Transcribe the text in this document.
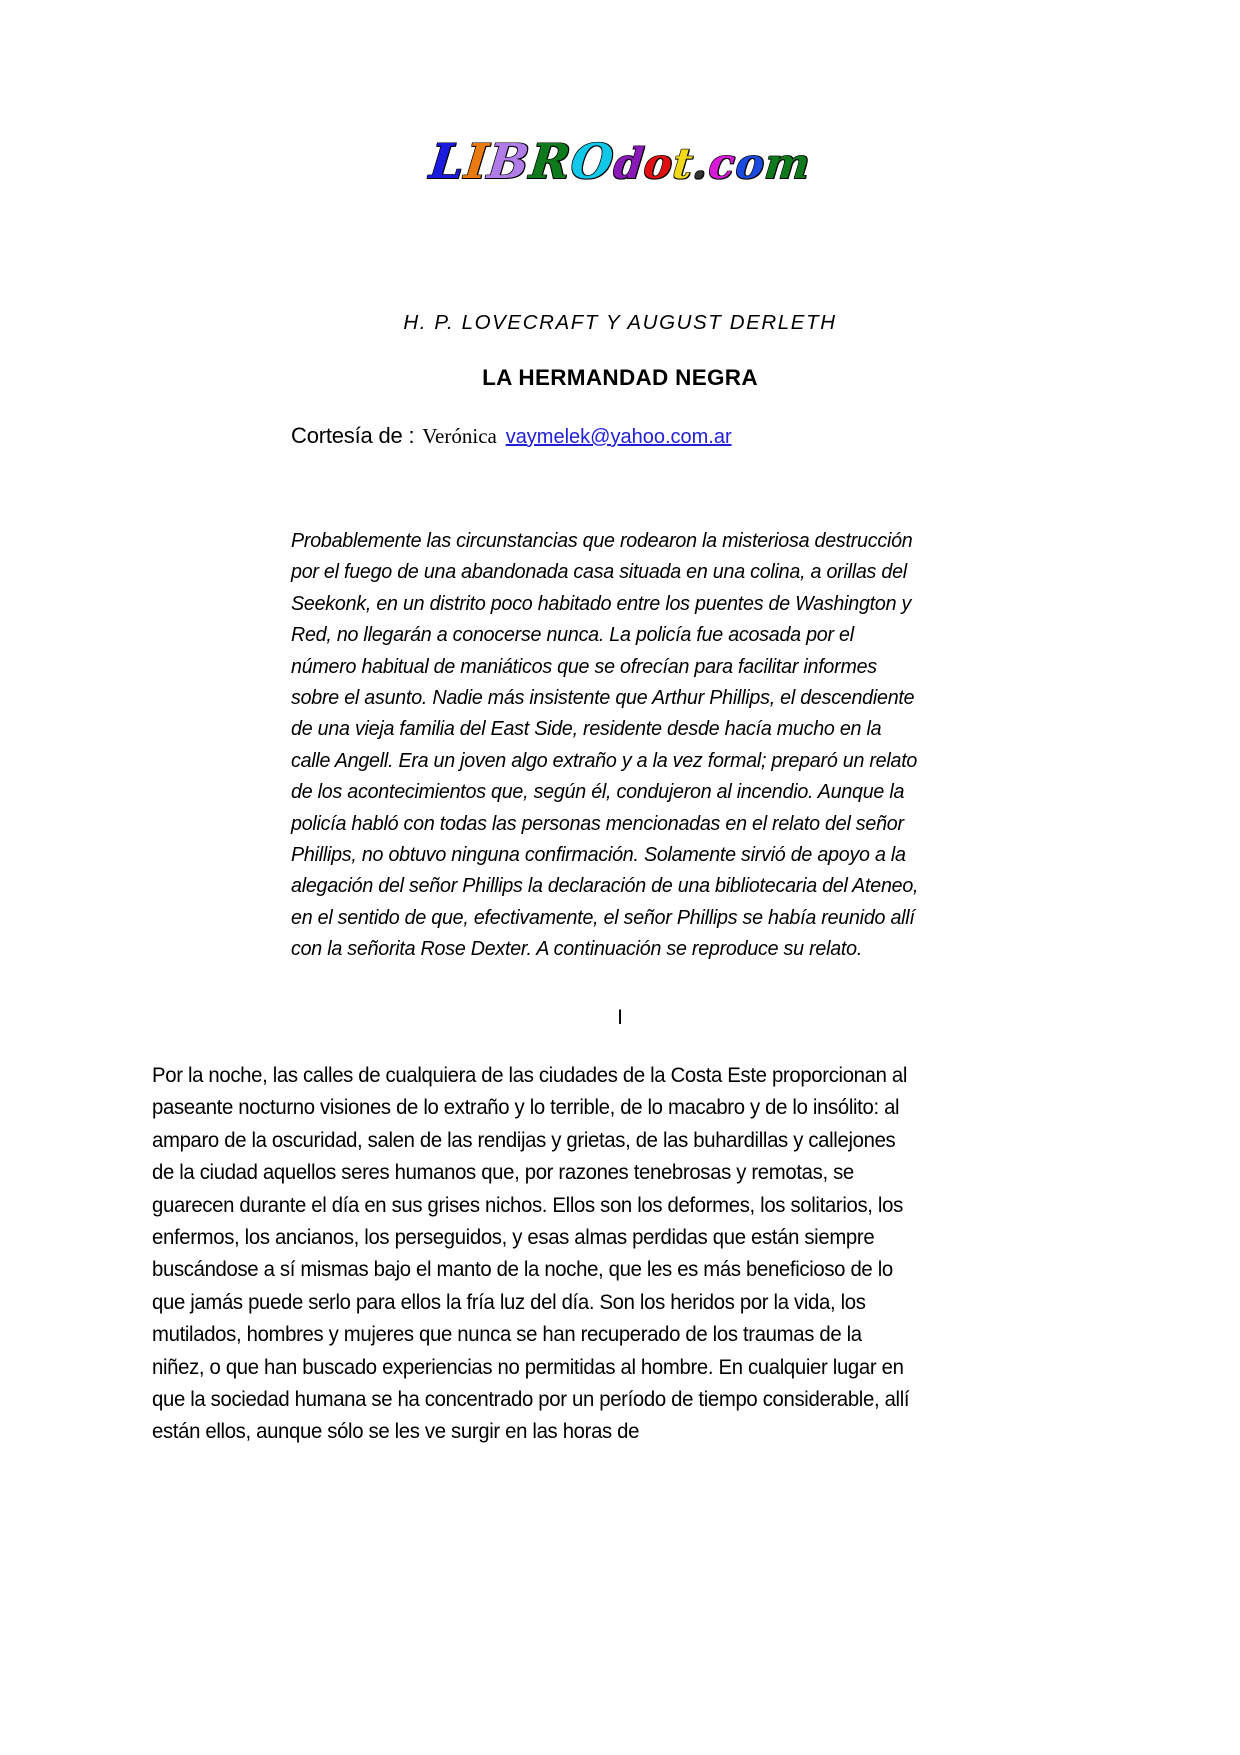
LIBROdot.com
H. P. LOVECRAFT Y AUGUST DERLETH
LA HERMANDAD NEGRA
Cortesía de : Verónica vaymelek@yahoo.com.ar
Probablemente las circunstancias que rodearon la misteriosa destrucción por el fuego de una abandonada casa situada en una colina, a orillas del Seekonk, en un distrito poco habitado entre los puentes de Washington y Red, no llegarán a conocerse nunca. La policía fue acosada por el número habitual de maniáticos que se ofrecían para facilitar informes sobre el asunto. Nadie más insistente que Arthur Phillips, el descendiente de una vieja familia del East Side, residente desde hacía mucho en la calle Angell. Era un joven algo extraño y a la vez formal; preparó un relato de los acontecimientos que, según él, condujeron al incendio. Aunque la policía habló con todas las personas mencionadas en el relato del señor Phillips, no obtuvo ninguna confirmación. Solamente sirvió de apoyo a la alegación del señor Phillips la declaración de una bibliotecaria del Ateneo, en el sentido de que, efectivamente, el señor Phillips se había reunido allí con la señorita Rose Dexter. A continuación se reproduce su relato.
I
Por la noche, las calles de cualquiera de las ciudades de la Costa Este proporcionan al paseante nocturno visiones de lo extraño y lo terrible, de lo macabro y de lo insólito: al amparo de la oscuridad, salen de las rendijas y grietas, de las buhardillas y callejones de la ciudad aquellos seres humanos que, por razones tenebrosas y remotas, se guarecen durante el día en sus grises nichos. Ellos son los deformes, los solitarios, los enfermos, los ancianos, los perseguidos, y esas almas perdidas que están siempre buscándose a sí mismas bajo el manto de la noche, que les es más beneficioso de lo que jamás puede serlo para ellos la fría luz del día. Son los heridos por la vida, los mutilados, hombres y mujeres que nunca se han recuperado de los traumas de la niñez, o que han buscado experiencias no permitidas al hombre. En cualquier lugar en que la sociedad humana se ha concentrado por un período de tiempo considerable, allí están ellos, aunque sólo se les ve surgir en las horas de
